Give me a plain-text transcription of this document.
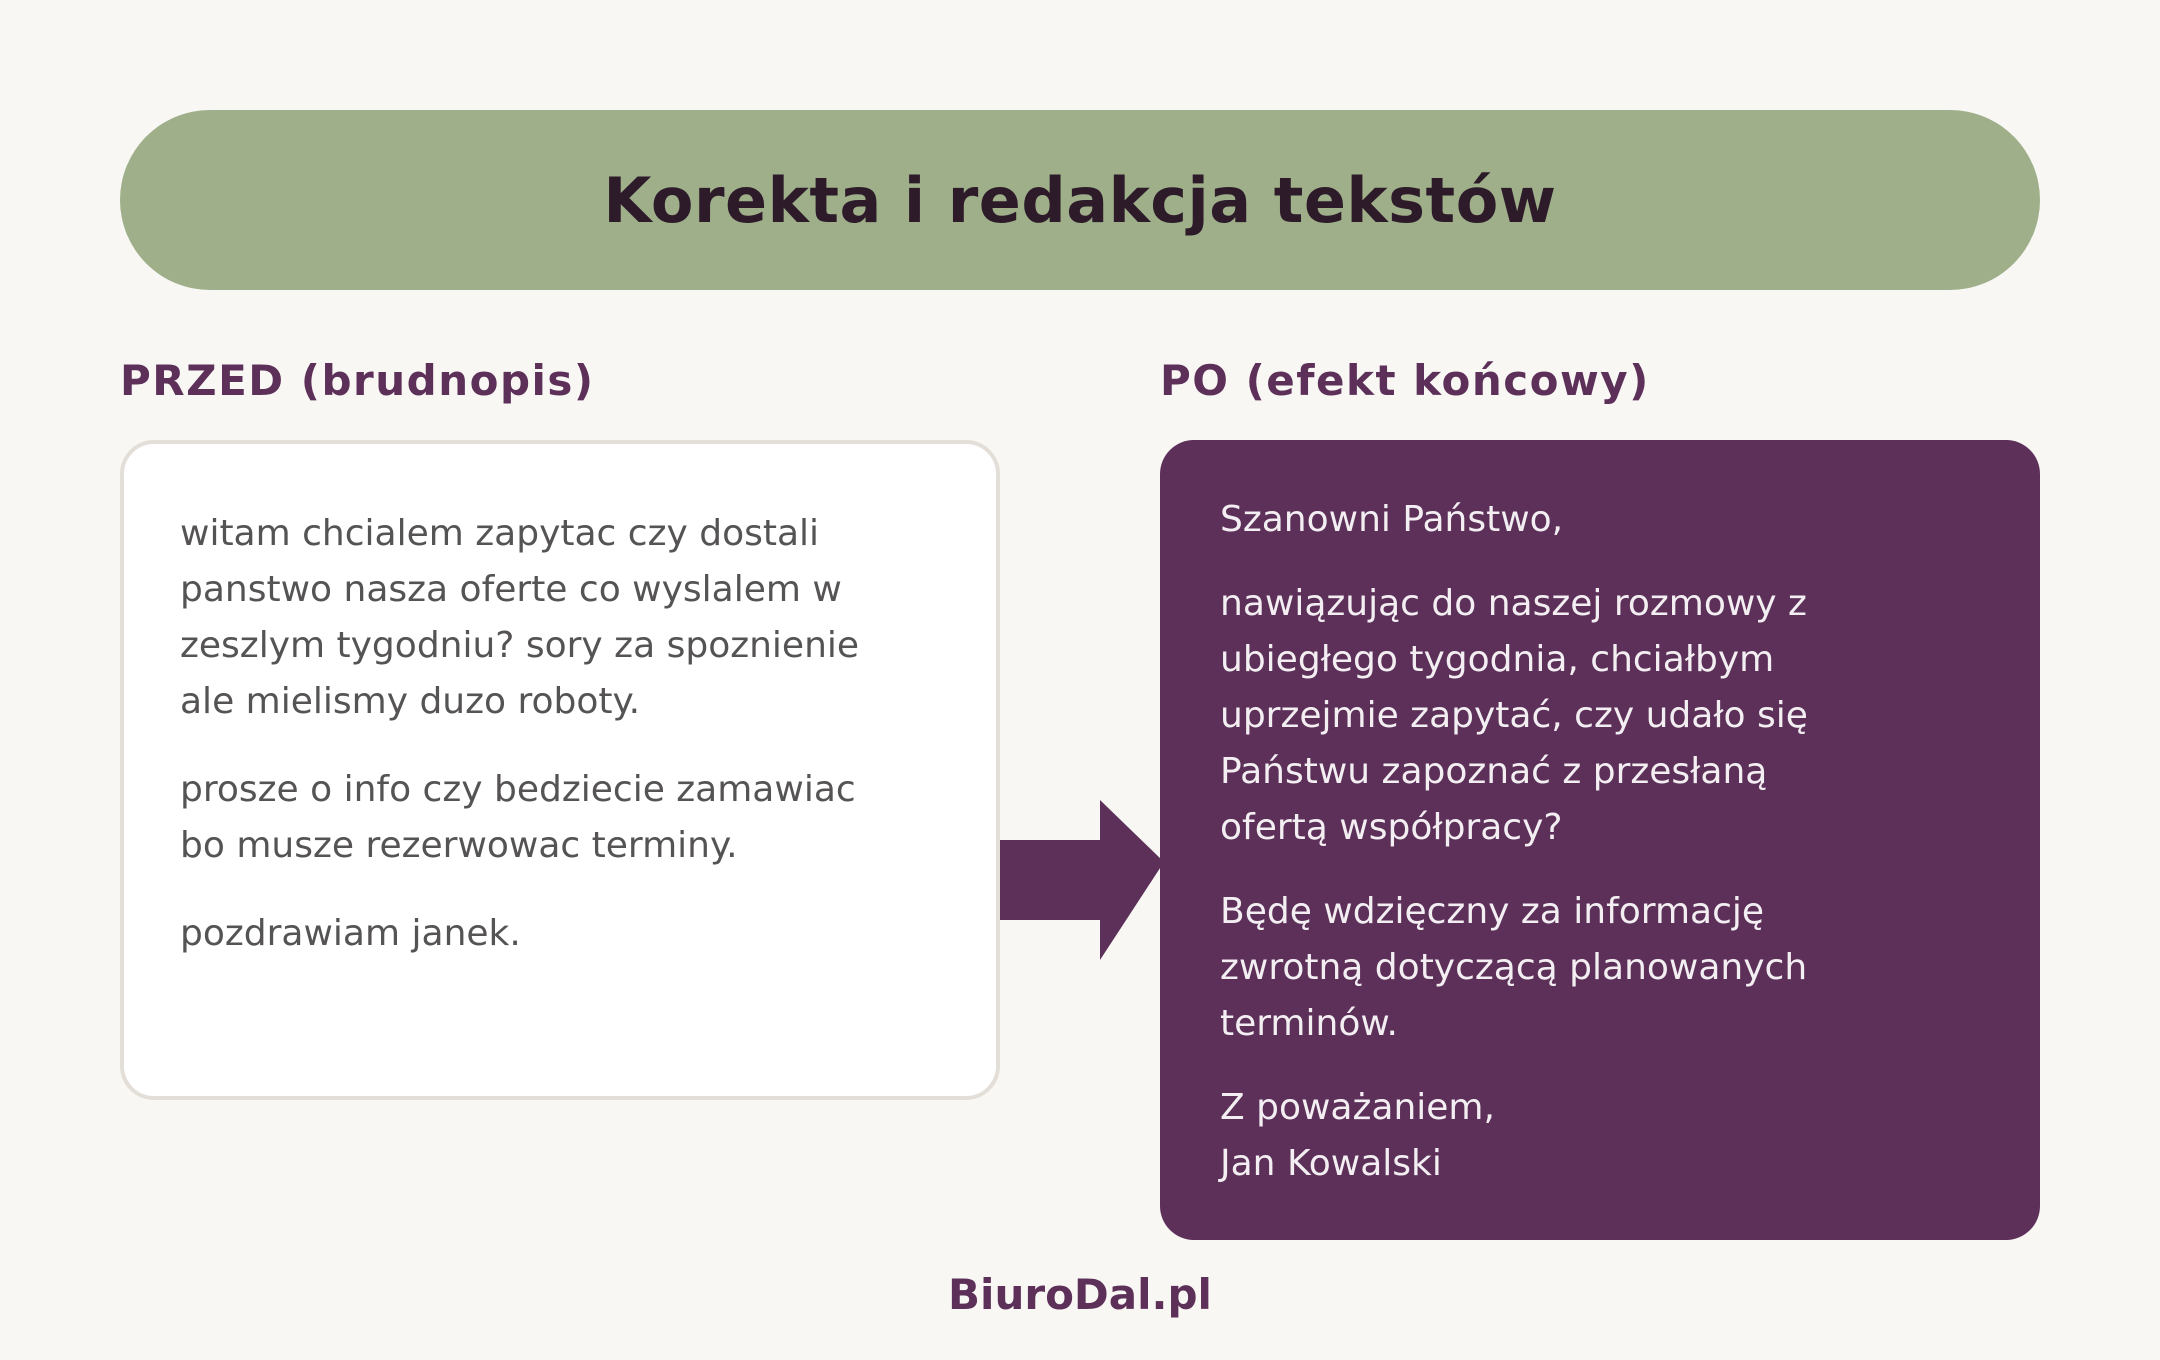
Korekta i redakcja tekstów
PRZED (brudnopis)	PO (efekt końcowy)

witam chcialem zapytac czy dostali
panstwo nasza oferte co wyslalem w
zeszlym tygodniu? sory za spoznienie
ale mielismy duzo roboty.

prosze o info czy bedziecie zamawiac
bo musze rezerwowac terminy.

pozdrawiam janek.

Szanowni Państwo,

nawiązując do naszej rozmowy z
ubiegłego tygodnia, chciałbym
uprzejmie zapytać, czy udało się
Państwu zapoznać z przesłaną
ofertą współpracy?

Będę wdzięczny za informację
zwrotną dotyczącą planowanych
terminów.

Z poważaniem,
Jan Kowalski

BiuroDal.pl
